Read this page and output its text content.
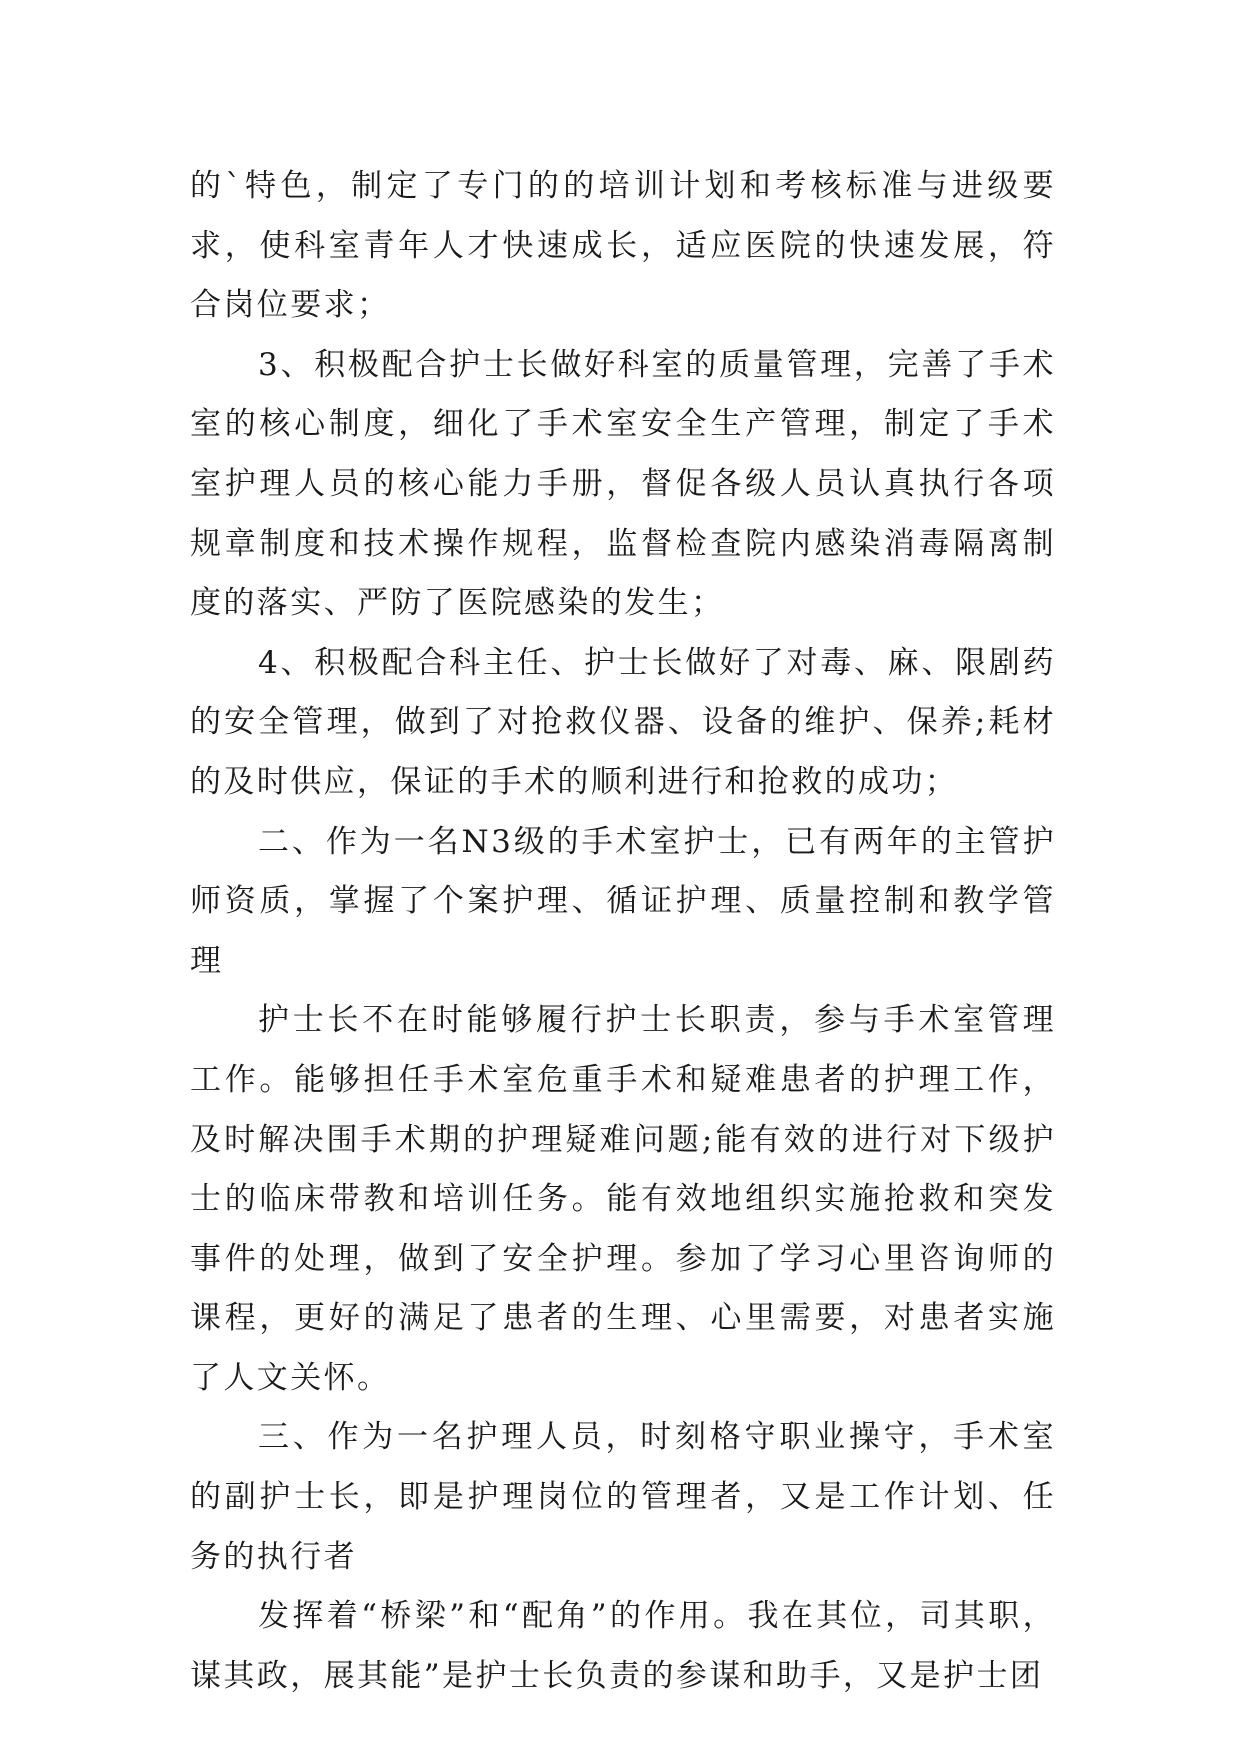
的`特色，制定了专门的的培训计划和考核标准与进级要求，使科室青年人才快速成长，适应医院的快速发展，符合岗位要求；

3、积极配合护士长做好科室的质量管理，完善了手术室的核心制度，细化了手术室安全生产管理，制定了手术室护理人员的核心能力手册，督促各级人员认真执行各项规章制度和技术操作规程，监督检查院内感染消毒隔离制度的落实、严防了医院感染的发生；

4、积极配合科主任、护士长做好了对毒、麻、限剧药的安全管理，做到了对抢救仪器、设备的维护、保养;耗材的及时供应，保证的手术的顺利进行和抢救的成功；

二、作为一名N3级的手术室护士，已有两年的主管护师资质，掌握了个案护理、循证护理、质量控制和教学管理

护士长不在时能够履行护士长职责，参与手术室管理工作。能够担任手术室危重手术和疑难患者的护理工作，及时解决围手术期的护理疑难问题;能有效的进行对下级护士的临床带教和培训任务。能有效地组织实施抢救和突发事件的处理，做到了安全护理。参加了学习心里咨询师的课程，更好的满足了患者的生理、心里需要，对患者实施了人文关怀。

三、作为一名护理人员，时刻格守职业操守，手术室的副护士长，即是护理岗位的管理者，又是工作计划、任务的执行者

发挥着“桥梁”和“配角”的作用。我在其位，司其职，谋其政，展其能”是护士长负责的参谋和助手，又是护士团
